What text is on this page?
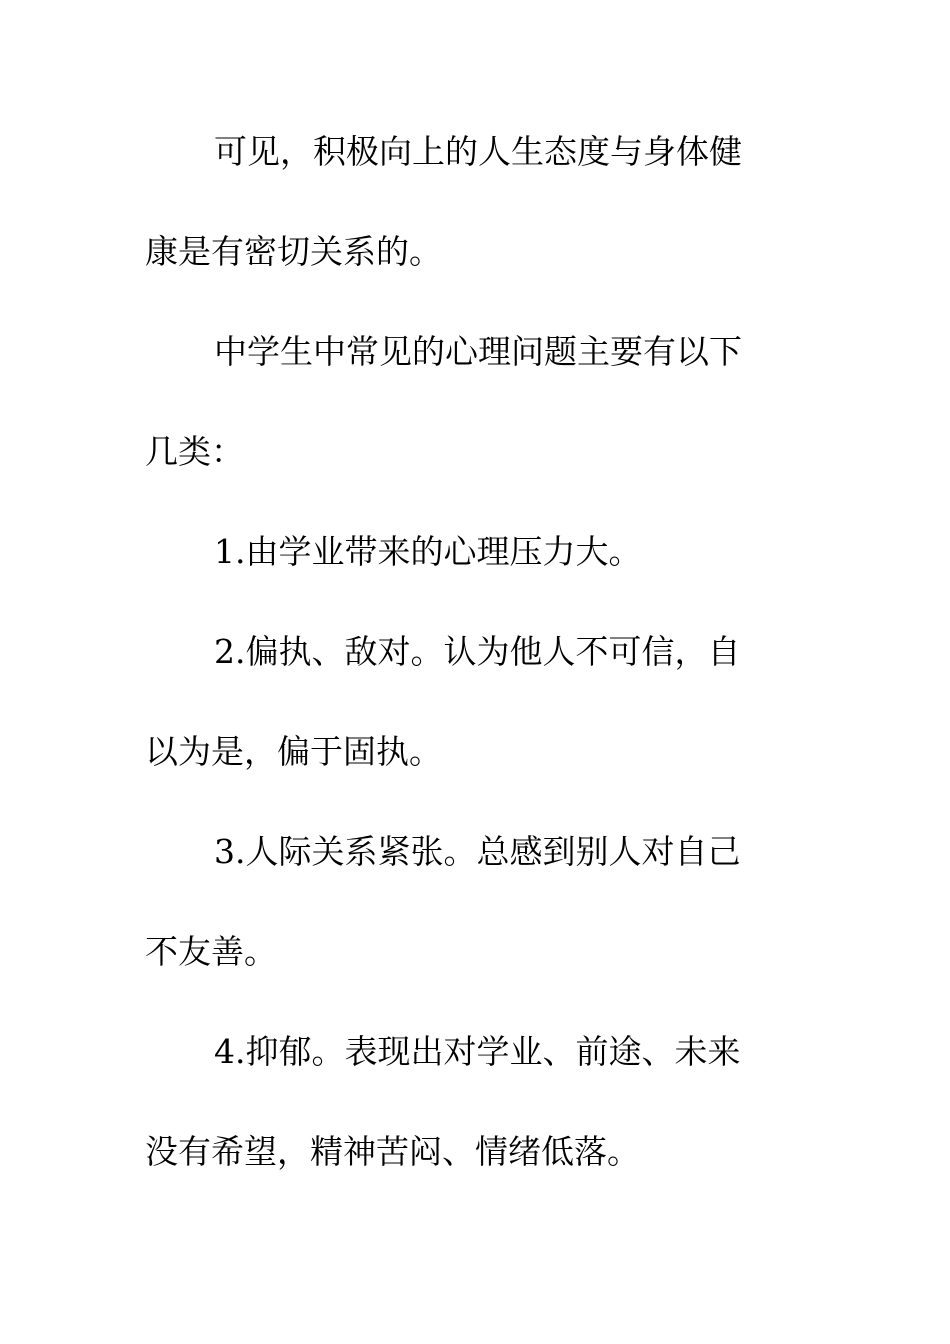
可见，积极向上的人生态度与身体健
康是有密切关系的。
中学生中常见的心理问题主要有以下
几类：
1.由学业带来的心理压力大。
2.偏执、敌对。认为他人不可信，自
以为是，偏于固执。
3.人际关系紧张。总感到别人对自己
不友善。
4.抑郁。表现出对学业、前途、未来
没有希望，精神苦闷、情绪低落。
